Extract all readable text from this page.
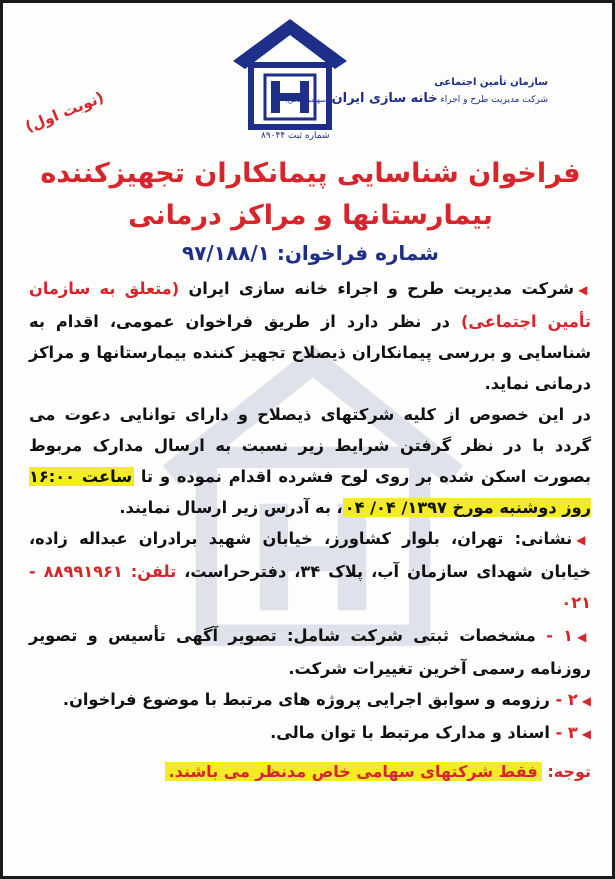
سازمان تأمین اجتماعی
شرکت مدیریت طرح و اجراء خانه سازی ایران (سهامی خاص)
شماره ثبت ۸۹۰۴۴
(نوبت اول)
فراخوان شناسایی پیمانکاران تجهیزکننده
بیمارستانها و مراکز درمانی
شماره فراخوان: ۹۷/۱۸۸/۱

◀شرکت مدیریت طرح و اجراء خانه سازی ایران (متعلق به سازمان تأمین اجتماعی) در نظر دارد از طریق فراخوان عمومی، اقدام به شناسایی و بررسی پیمانکاران ذیصلاح تجهیز کننده بیمارستانها و مراکز درمانی نماید.

در این خصوص از کلیه شرکتهای ذیصلاح و دارای توانایی دعوت می گردد با در نظر گرفتن شرایط زیر نسبت به ارسال مدارک مربوط بصورت اسکن شده بر روی لوح فشرده اقدام نموده و تا ساعت ۱۶:۰۰ روز دوشنبه مورخ ۱۳۹۷/ ۰۴/ ۰۴، به آدرس زیر ارسال نمایند.

◀نشانی: تهران، بلوار کشاورز، خیابان شهید برادران عبداله زاده، خیابان شهدای سازمان آب، پلاک ۳۴، دفترحراست، تلفن: ۸۸۹۹۱۹۶۱ - ۰۲۱

◀۱ - مشخصات ثبتی شرکت شامل: تصویر آگهی تأسیس و تصویر روزنامه رسمی آخرین تغییرات شرکت.

◀۲ - رزومه و سوابق اجرایی پروژه های مرتبط با موضوع فراخوان.

◀۳ - اسناد و مدارک مرتبط با توان مالی.

توجه: فقط شرکتهای سهامی خاص مدنظر می باشند.
